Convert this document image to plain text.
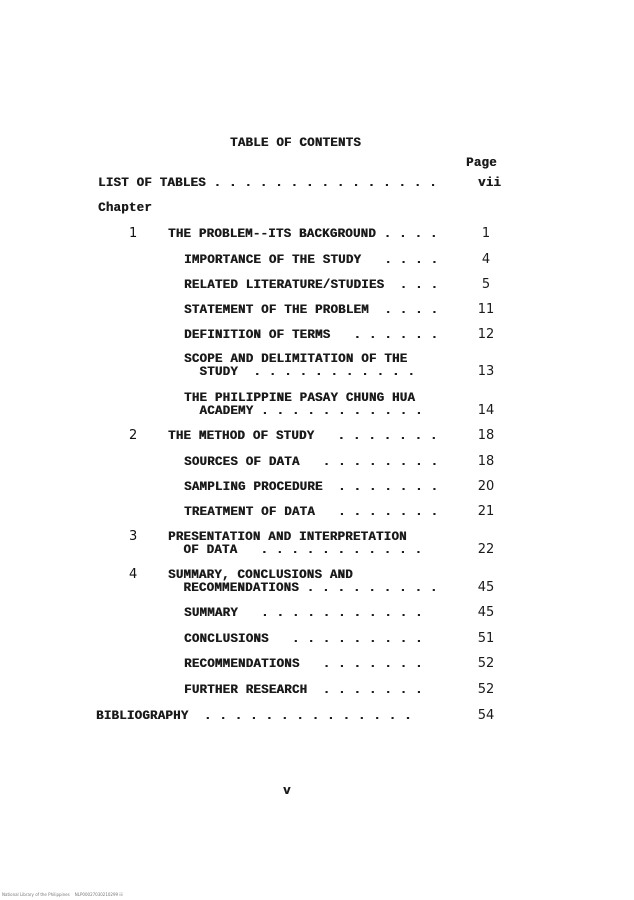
TABLE OF CONTENTS
Page
LIST OF TABLES . . . . . . . . . . . . . . .	vii
Chapter
1 THE PROBLEM--ITS BACKGROUND . . . .	1
IMPORTANCE OF THE STUDY   . . . .	4
RELATED LITERATURE/STUDIES  . . .	5
STATEMENT OF THE PROBLEM  . . . .	11
DEFINITION OF TERMS   . . . . . .	12
SCOPE AND DELIMITATION OF THE
STUDY  . . . . . . . . . . .	13
THE PHILIPPINE PASAY CHUNG HUA
ACADEMY . . . . . . . . . . .	14
2 THE METHOD OF STUDY   . . . . . . .	18
SOURCES OF DATA   . . . . . . . .	18
SAMPLING PROCEDURE  . . . . . . .	20
TREATMENT OF DATA   . . . . . . .	21
3 PRESENTATION AND INTERPRETATION
OF DATA   . . . . . . . . . . .	22
4 SUMMARY, CONCLUSIONS AND
RECOMMENDATIONS . . . . . . . . .	45
SUMMARY   . . . . . . . . . . .	45
CONCLUSIONS   . . . . . . . . .	51
RECOMMENDATIONS   . . . . . . .	52
FURTHER RESEARCH  . . . . . . .	52
BIBLIOGRAPHY  . . . . . . . . . . . . . .	54
v
National Library of the Philippines    NLP00027030210299 iii
